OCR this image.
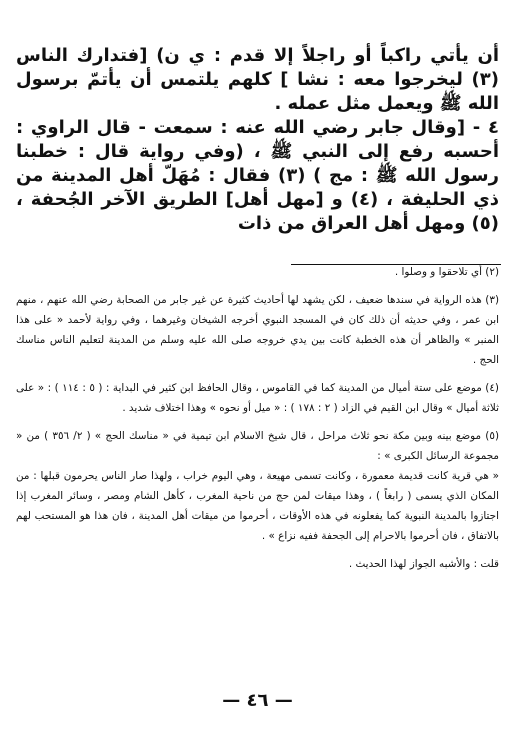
أن يأتي راكباً أو راجلاً إلا قدم : ي ن) [فتدارك الناس (٣) ليخرجوا معه : نشا ] كلهم يلتمس أن يأتمّ برسول الله ﷺ ويعمل مثل عمله .

٤ - [وقال جابر رضي الله عنه : سمعت - قال الراوي : أحسبه رفع إلى النبي ﷺ ، (وفي رواية قال : خطبنا رسول الله ﷺ : مج ) (٣) فقال : مُهَلّ أهل المدينة من ذي الحليفة ، (٤) و [مهل أهل] الطريق الآخر الجُحفة ، (٥) ومهل أهل العراق من ذات

(٢) أي تلاحقوا و وصلوا .

(٣) هذه الرواية في سندها ضعيف ، لكن يشهد لها أحاديث كثيرة عن غير جابر من الصحابة رضي الله عنهم ، منهم ابن عمر ، وفي حديثه أن ذلك كان في المسجد النبوي أخرجه الشيخان وغيرهما ، وفي رواية لأحمد « على هذا المنبر » والظاهر أن هذه الخطبة كانت بين يدي خروجه صلى الله عليه وسلم من المدينة لتعليم الناس مناسك الحج .

(٤) موضع على ستة أميال من المدينة كما في القاموس ، وقال الحافظ ابن كثير في البداية : ( ٥ : ١١٤ ) : « على ثلاثة أميال » وقال ابن القيم في الزاد ( ٢ : ١٧٨ ) : « ميل أو نحوه » وهذا اختلاف شديد .

(٥) موضع بينه وبين مكة نحو ثلاث مراحل ، قال شيخ الاسلام ابن تيمية في « مناسك الحج » ( ٢/ ٣٥٦ ) من « مجموعة الرسائل الكبرى » :

« هي قرية كانت قديمة معمورة ، وكانت تسمى مهيعة ، وهي اليوم خراب ، ولهذا صار الناس يحرمون قبلها : من المكان الذي يسمى ( رابغاً ) ، وهذا ميقات لمن حج من ناحية المغرب ، كأهل الشام ومصر ، وسائر المغرب إذا اجتازوا بالمدينة النبوية كما يفعلونه في هذه الأوقات ، أحرموا من ميقات أهل المدينة ، فان هذا هو المستحب لهم بالاتفاق ، فان أحرموا بالاحرام إلى الجحفة ففيه نزاع » .

قلت : والأشبه الجواز لهذا الحديث .

— ٤٦ —
